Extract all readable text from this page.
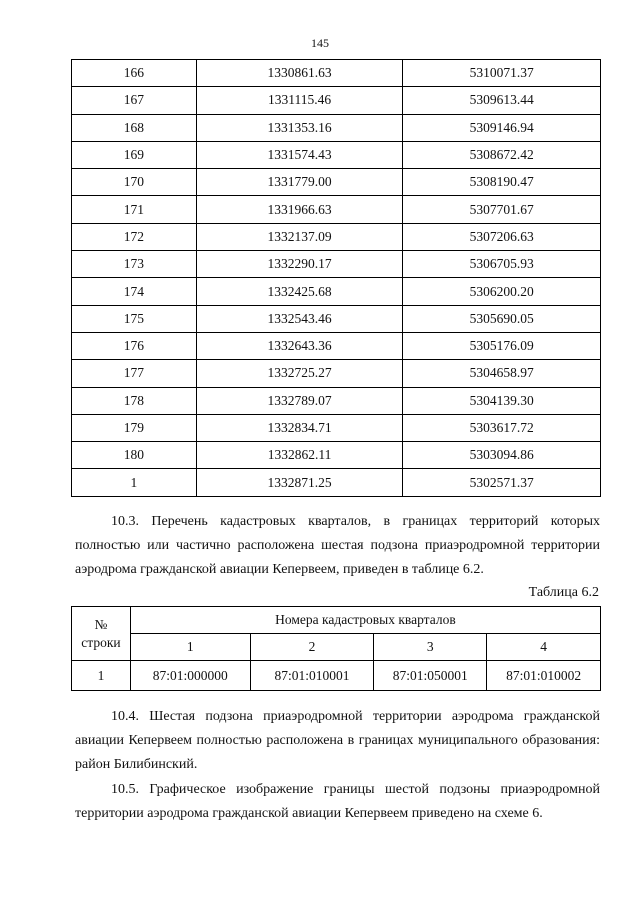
145
166	1330861.63	5310071.37
167	1331115.46	5309613.44
168	1331353.16	5309146.94
169	1331574.43	5308672.42
170	1331779.00	5308190.47
171	1331966.63	5307701.67
172	1332137.09	5307206.63
173	1332290.17	5306705.93
174	1332425.68	5306200.20
175	1332543.46	5305690.05
176	1332643.36	5305176.09
177	1332725.27	5304658.97
178	1332789.07	5304139.30
179	1332834.71	5303617.72
180	1332862.11	5303094.86
1	1332871.25	5302571.37

10.3. Перечень кадастровых кварталов, в границах территорий которых полностью или частично расположена шестая подзона приаэродромной территории аэродрома гражданской авиации Кепервеем, приведен в таблице 6.2.

Таблица 6.2
№
строки	Номера кадастровых кварталов			
	1	2	3	4
1	87:01:000000	87:01:010001	87:01:050001	87:01:010002

10.4. Шестая подзона приаэродромной территории аэродрома гражданской авиации Кепервеем полностью расположена в границах муниципального образования: район Билибинский.

10.5. Графическое изображение границы шестой подзоны приаэродромной территории аэродрома гражданской авиации Кепервеем приведено на схеме 6.
